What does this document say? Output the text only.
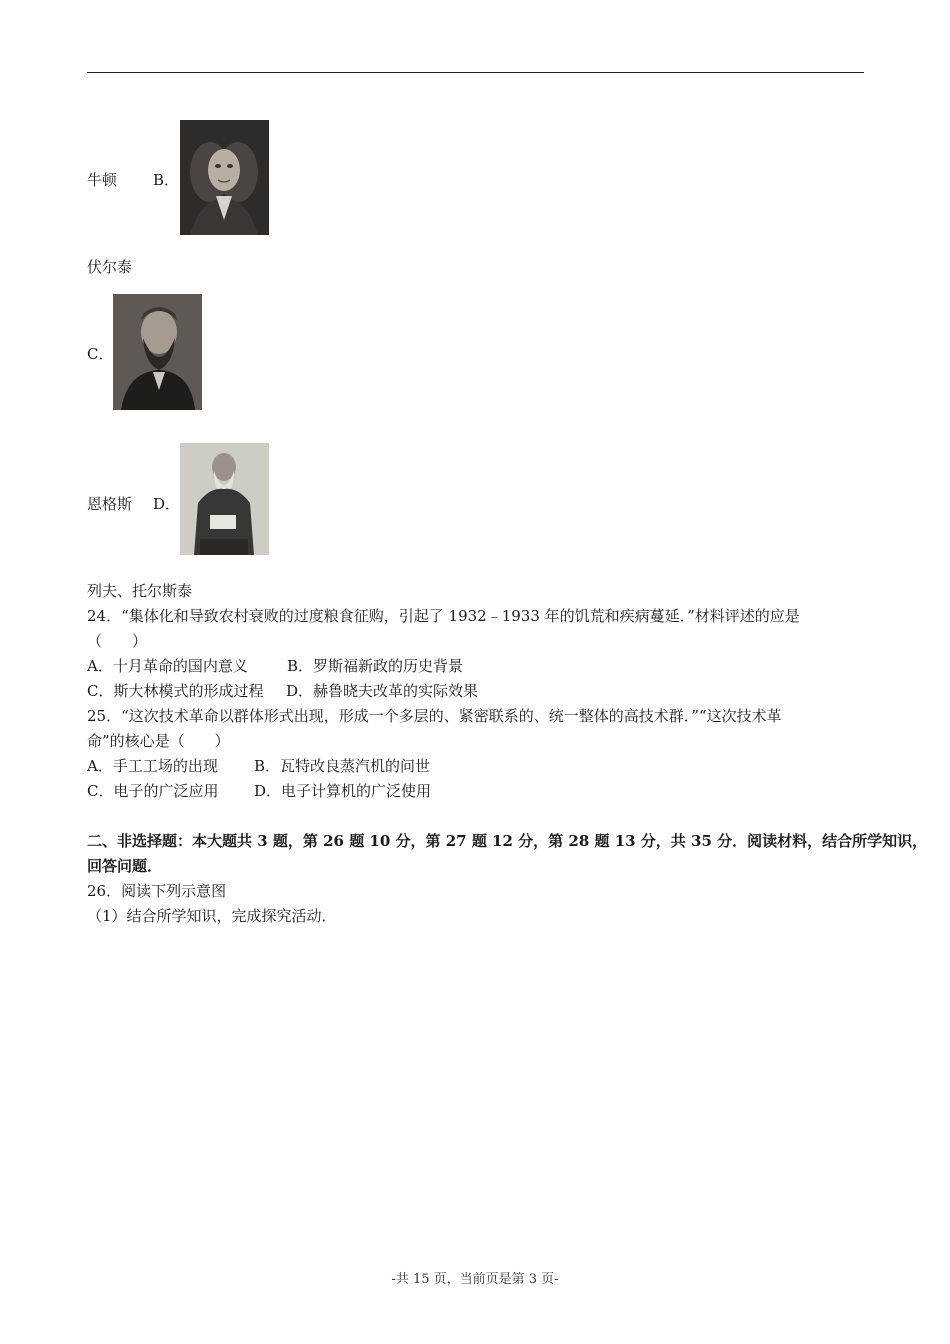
牛顿 B．
伏尔泰
C．
恩格斯 D．
列夫、托尔斯泰
24．“集体化和导致农村衰败的过度粮食征购，引起了 1932﹣1933 年的饥荒和疾病蔓延．”材料评述的应是
（　　）
A．十月革命的国内意义	B．罗斯福新政的历史背景
C．斯大林模式的形成过程 D．赫鲁晓夫改革的实际效果
25．“这次技术革命以群体形式出现，形成一个多层的、紧密联系的、统一整体的高技术群．”“这次技术革
命”的核心是（　　）
A．手工工场的出现 B．瓦特改良蒸汽机的问世
C．电子的广泛应用 D．电子计算机的广泛使用
二、非选择题：本大题共 3 题，第 26 题 10 分，第 27 题 12 分，第 28 题 13 分，共 35 分．阅读材料，结合所学知识，
回答问题．
26．阅读下列示意图
（1）结合所学知识，完成探究活动．
-共 15 页，当前页是第 3 页-
